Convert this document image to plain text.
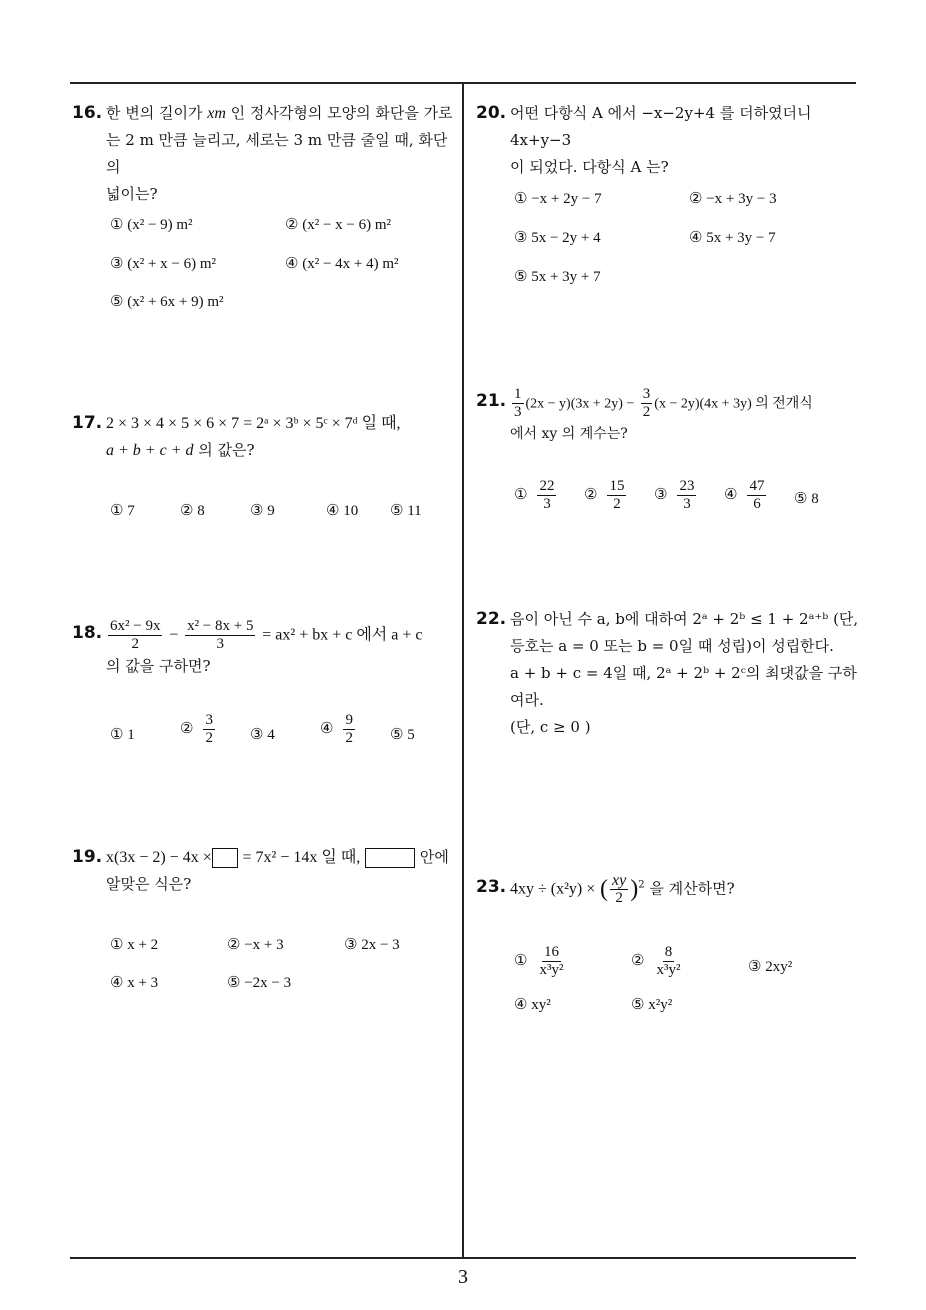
16. 한 변의 길이가 xm 인 정사각형의 모양의 화단을 가로
는 2 m 만큼 늘리고, 세로는 3 m 만큼 줄일 때, 화단의
넓이는?
① (x² − 9) m²	② (x² − x − 6) m²
③ (x² + x − 6) m²	④ (x² − 4x + 4) m²
⑤ (x² + 6x + 9) m²
17. 2 × 3 × 4 × 5 × 6 × 7 = 2ᵃ × 3ᵇ × 5ᶜ × 7ᵈ 일 때,
a + b + c + d 의 값은?
① 7	② 8	③ 9	④ 10 ⑤ 11
18. $\frac{\text{6x² − 9x}}{2} - \frac{\text{x² − 8x + 5}}{3} = ax^2$ + bx + c 에서 a + c
의 값을 구하면?
① 1	② $\frac{3}{2}$ ③ 4	④ $\frac{9}{2}$ ⑤ 5
19. x(3x − 2) − 4x × = 7x² − 14x 일 때,	안에
알맞은 식은?
① x + 2	② −x + 3	③ 2x − 3
④ x + 3	⑤ −2x − 3
20. 어떤 다항식 A 에서 −x−2y+4 를 더하였더니 4x+y−3
이 되었다. 다항식 A 는?
① −x + 2y − 7	② −x + 3y − 3
③ 5x − 2y + 4	④ 5x + 3y − 7
⑤ 5x + 3y + 7
21. $\frac{1}{3} (2x - y)(3x + 2y) - \frac{3}{2} (x - 2y)(4x + 3y)$ 의 전개식
에서 xy 의 계수는?
① $\frac{22}{3}$ ② $\frac{15}{2}$ ③ $\frac{23}{3}$ ④ $\frac{47}{6}$ ⑤ 8
22. 음이 아닌 수 a, b에 대하여 2ᵃ + 2ᵇ ≤ 1 + 2ᵃ⁺ᵇ (단,
등호는 a = 0 또는 b = 0일 때 성립)이 성립한다.
a + b + c = 4일 때, 2ᵃ + 2ᵇ + 2ᶜ의 최댓값을 구하여라.
(단, c ≥ 0 )
23. 4xy ÷ (x²y) × ( $\frac{xy}{2} )^2$ 을 계산하면?
① $\frac{16}{\text{x³y²}}$	② $\frac{8}{\text{x³y²}}$	③ 2xy²
④ xy²	⑤ x²y²
3
